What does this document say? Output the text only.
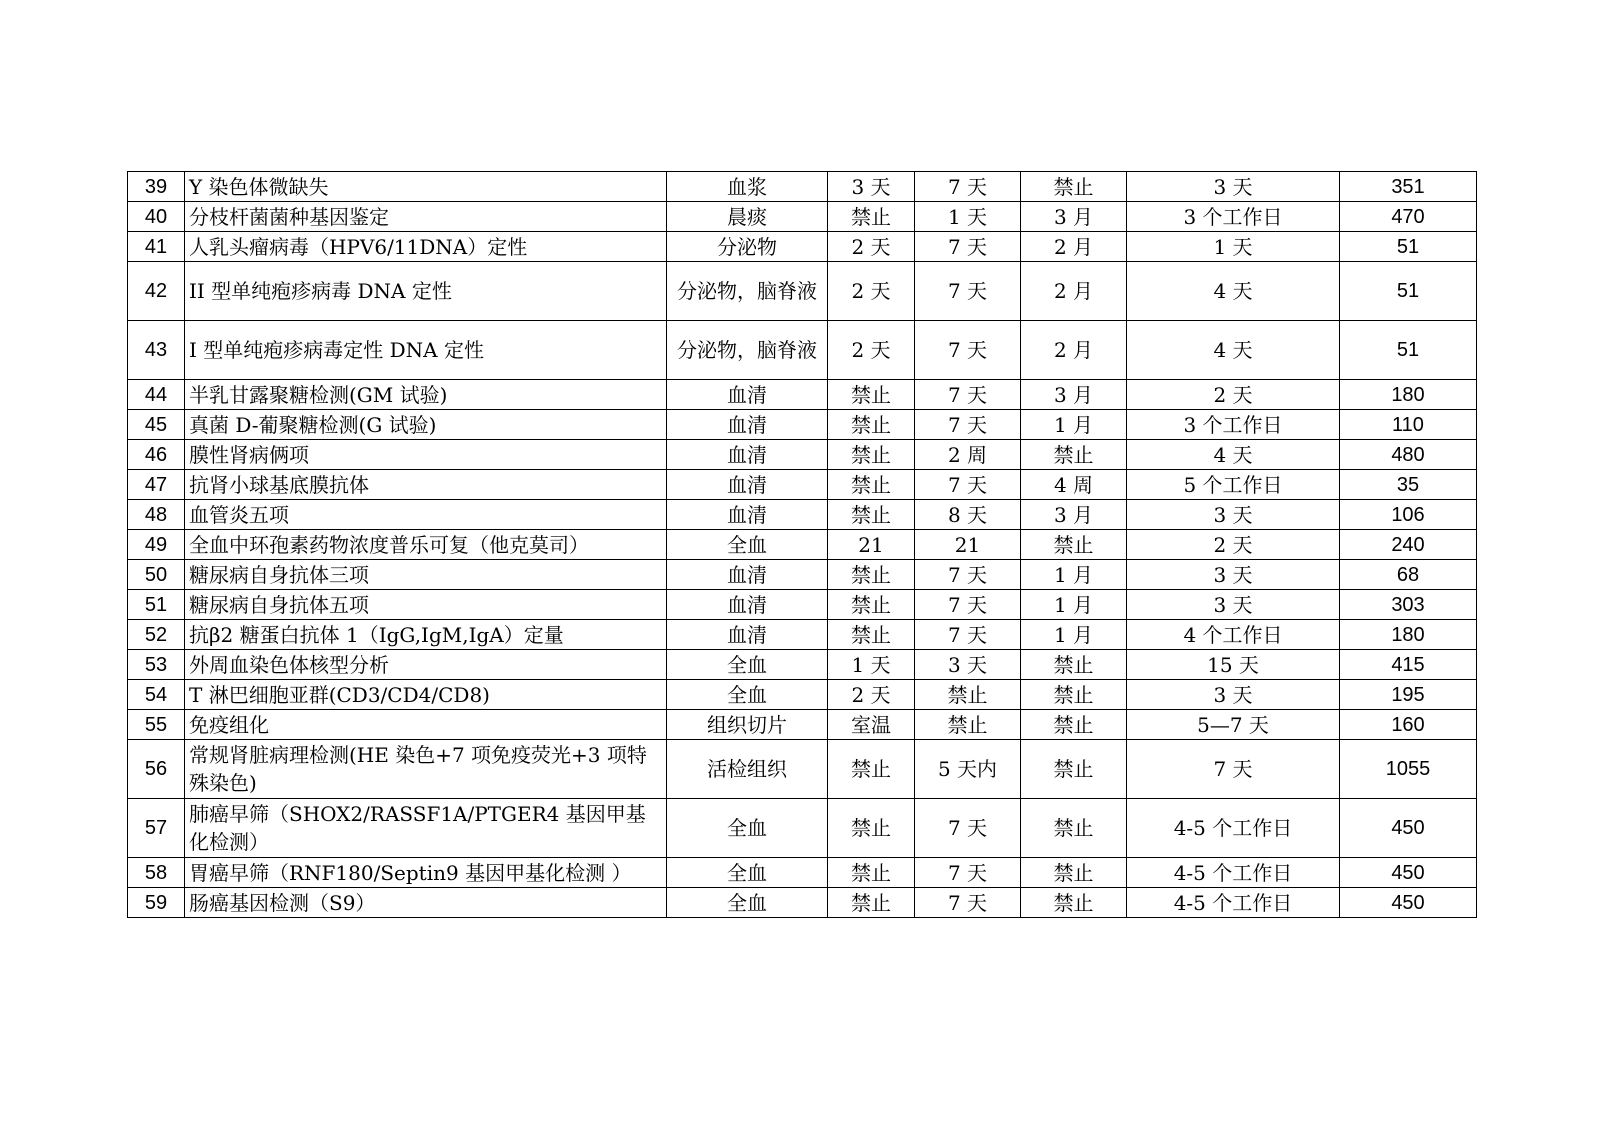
39	Y 染色体微缺失	血浆	3 天	7 天	禁止	3 天	351
40	分枝杆菌菌种基因鉴定	晨痰	禁止	1 天	3 月	3 个工作日	470
41	人乳头瘤病毒（HPV6/11DNA）定性	分泌物	2 天	7 天	2 月	1 天	51
42	II 型单纯疱疹病毒 DNA 定性	分泌物，脑脊液	2 天	7 天	2 月	4 天	51
43	I 型单纯疱疹病毒定性 DNA 定性	分泌物，脑脊液	2 天	7 天	2 月	4 天	51
44	半乳甘露聚糖检测(GM 试验)	血清	禁止	7 天	3 月	2 天	180
45	真菌 D-葡聚糖检测(G 试验)	血清	禁止	7 天	1 月	3 个工作日	110
46	膜性肾病俩项	血清	禁止	2 周	禁止	4 天	480
47	抗肾小球基底膜抗体	血清	禁止	7 天	4 周	5 个工作日	35
48	血管炎五项	血清	禁止	8 天	3 月	3 天	106
49	全血中环孢素药物浓度普乐可复（他克莫司）	全血	21	21	禁止	2 天	240
50	糖尿病自身抗体三项	血清	禁止	7 天	1 月	3 天	68
51	糖尿病自身抗体五项	血清	禁止	7 天	1 月	3 天	303
52	抗β2 糖蛋白抗体 1（IgG,IgM,IgA）定量	血清	禁止	7 天	1 月	4 个工作日	180
53	外周血染色体核型分析	全血	1 天	3 天	禁止	15 天	415
54	T 淋巴细胞亚群(CD3/CD4/CD8)	全血	2 天	禁止	禁止	3 天	195
55	免疫组化	组织切片	室温	禁止	禁止	5—7 天	160
56	常规肾脏病理检测(HE 染色+7 项免疫荧光+3 项特殊染色)	活检组织	禁止	5 天内	禁止	7 天	1055
57	肺癌早筛（SHOX2/RASSF1A/PTGER4 基因甲基化检测）	全血	禁止	7 天	禁止	4-5 个工作日	450
58	胃癌早筛（RNF180/Septin9 基因甲基化检测 ）	全血	禁止	7 天	禁止	4-5 个工作日	450
59	肠癌基因检测（S9）	全血	禁止	7 天	禁止	4-5 个工作日	450
